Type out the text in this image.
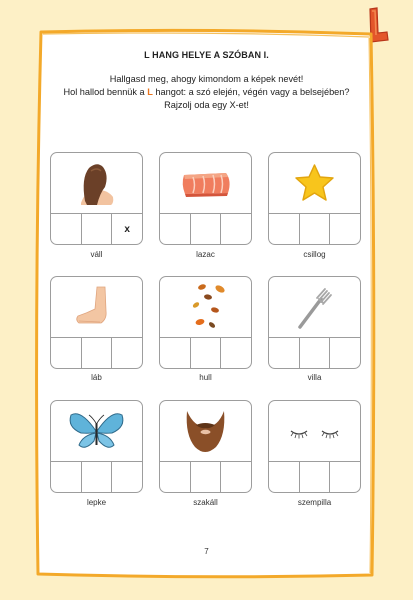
L HANG HELYE A SZÓBAN I.
Hallgasd meg, ahogy kimondom a képek nevét!
Hol hallod bennük a L hangot: a szó elején, végén vagy a belsejében?
Rajzolj oda egy X-et!
x
váll	lazac	csillog
láb	hull	villa
lepke	szakáll	szempilla
7
